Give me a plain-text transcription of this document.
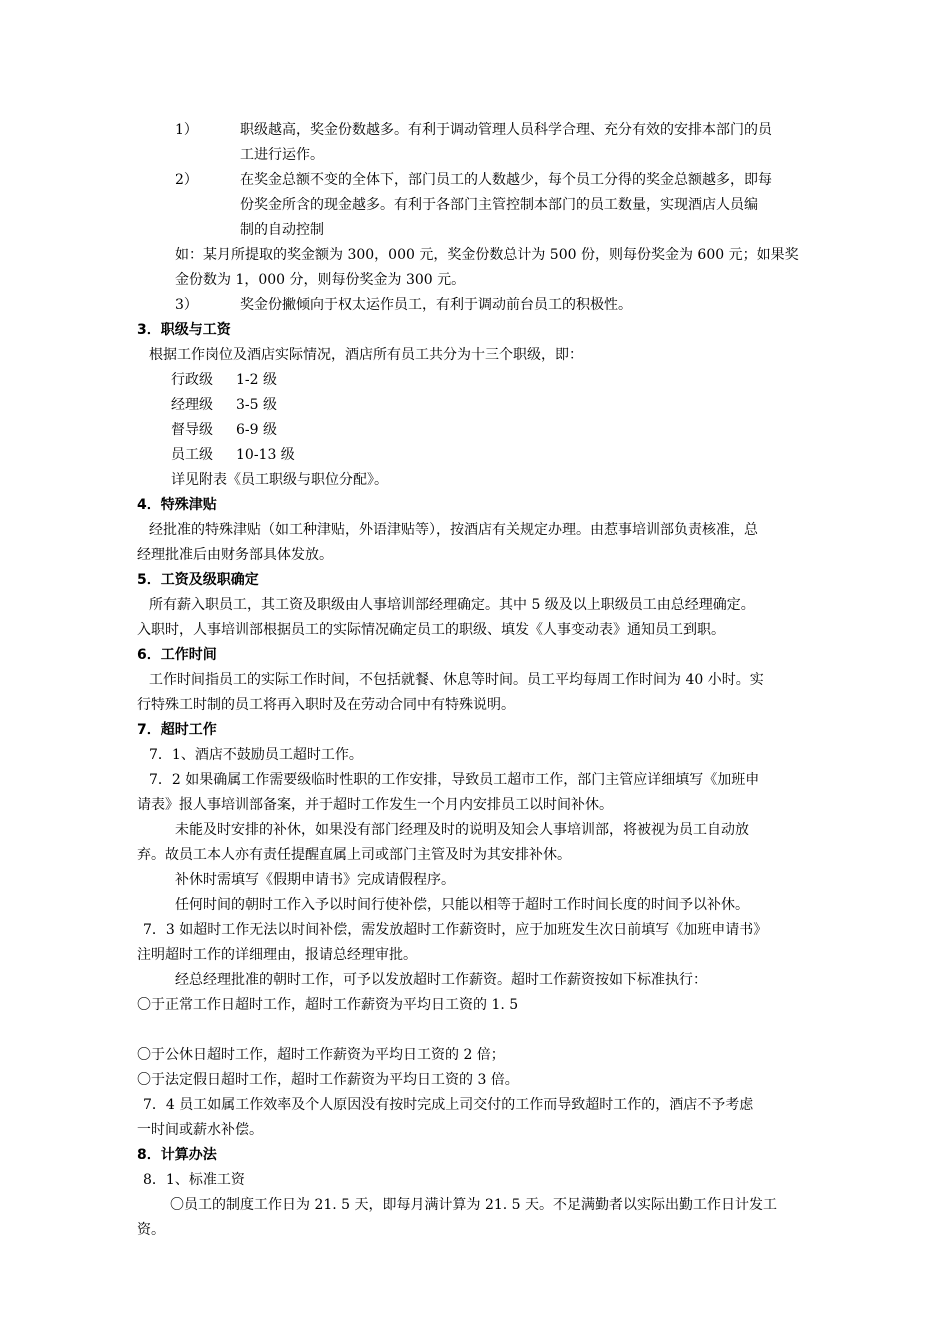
1）	职级越高，奖金份数越多。有利于调动管理人员科学合理、充分有效的安排本部门的员
工进行运作。
2）	在奖金总额不变的全体下，部门员工的人数越少，每个员工分得的奖金总额越多，即每
份奖金所含的现金越多。有利于各部门主管控制本部门的员工数量，实现酒店人员编
制的自动控制
如：某月所提取的奖金额为 300，000 元，奖金份数总计为 500 份，则每份奖金为 600 元；如果奖
金份数为 1，000 分，则每份奖金为 300 元。
3）	奖金份撇倾向于权太运作员工，有利于调动前台员工的积极性。
3．职级与工资
根据工作岗位及酒店实际情况，酒店所有员工共分为十三个职级，即：
行政级 1-2 级
经理级 3-5 级
督导级 6-9 级
员工级 10-13 级
详见附表《员工职级与职位分配》。
4．特殊津贴
经批准的特殊津贴（如工种津贴，外语津贴等），按酒店有关规定办理。由惹事培训部负责核准，总
经理批准后由财务部具体发放。
5．工资及级职确定
所有薪入职员工，其工资及职级由人事培训部经理确定。其中 5 级及以上职级员工由总经理确定。
入职时，人事培训部根据员工的实际情况确定员工的职级、填发《人事变动表》通知员工到职。
6．工作时间
工作时间指员工的实际工作时间，不包括就餐、休息等时间。员工平均每周工作时间为 40 小时。实
行特殊工时制的员工将再入职时及在劳动合同中有特殊说明。
7．超时工作
7．1、酒店不鼓励员工超时工作。
7．2 如果确属工作需要级临时性职的工作安排，导致员工超市工作，部门主管应详细填写《加班申
请表》报人事培训部备案，并于超时工作发生一个月内安排员工以时间补休。
未能及时安排的补休，如果没有部门经理及时的说明及知会人事培训部，将被视为员工自动放
弃。故员工本人亦有责任提醒直属上司或部门主管及时为其安排补休。
补休时需填写《假期申请书》完成请假程序。
任何时间的朝时工作入予以时间行使补偿，只能以相等于超时工作时间长度的时间予以补休。
7．3 如超时工作无法以时间补偿，需发放超时工作薪资时，应于加班发生次日前填写《加班申请书》
注明超时工作的详细理由，报请总经理审批。
经总经理批准的朝时工作，可予以发放超时工作薪资。超时工作薪资按如下标准执行：
〇于正常工作日超时工作，超时工作薪资为平均日工资的 1. 5
〇于公休日超时工作，超时工作薪资为平均日工资的 2 倍；
〇于法定假日超时工作，超时工作薪资为平均日工资的 3 倍。
7．4 员工如属工作效率及个人原因没有按时完成上司交付的工作而导致超时工作的，酒店不予考虑
一时间或薪水补偿。
8．计算办法
8．1、标准工资
〇员工的制度工作日为 21. 5 天，即每月满计算为 21. 5 天。不足满勤者以实际出勤工作日计发工
资。
